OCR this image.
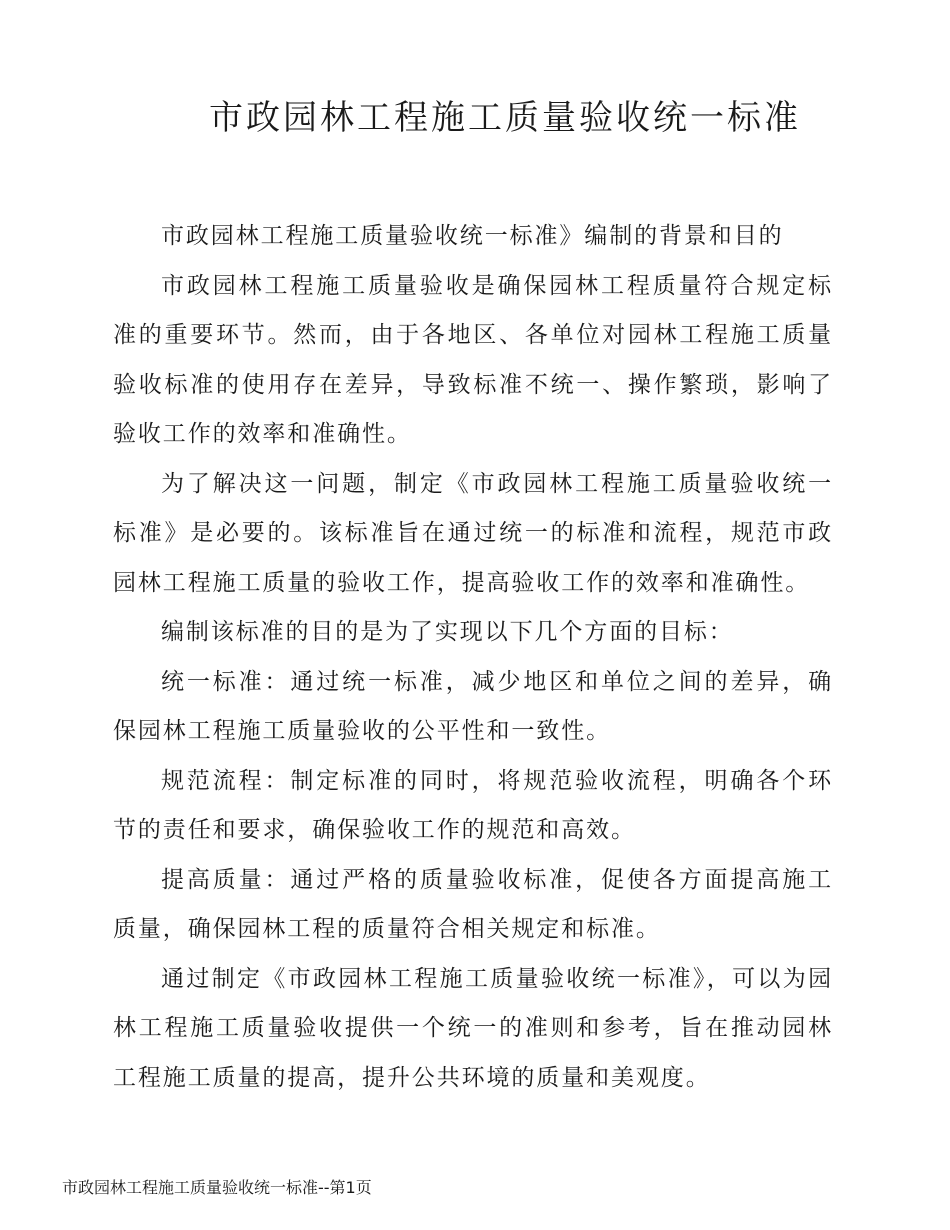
市政园林工程施工质量验收统一标准

市政园林工程施工质量验收统一标准》编制的背景和目的

市政园林工程施工质量验收是确保园林工程质量符合规定标准的重要环节。然而，由于各地区、各单位对园林工程施工质量验收标准的使用存在差异，导致标准不统一、操作繁琐，影响了验收工作的效率和准确性。

为了解决这一问题，制定《市政园林工程施工质量验收统一标准》是必要的。该标准旨在通过统一的标准和流程，规范市政园林工程施工质量的验收工作，提高验收工作的效率和准确性。

编制该标准的目的是为了实现以下几个方面的目标：

统一标准：通过统一标准，减少地区和单位之间的差异，确保园林工程施工质量验收的公平性和一致性。

规范流程：制定标准的同时，将规范验收流程，明确各个环节的责任和要求，确保验收工作的规范和高效。

提高质量：通过严格的质量验收标准，促使各方面提高施工质量，确保园林工程的质量符合相关规定和标准。

通过制定《市政园林工程施工质量验收统一标准》，可以为园林工程施工质量验收提供一个统一的准则和参考，旨在推动园林工程施工质量的提高，提升公共环境的质量和美观度。

市政园林工程施工质量验收统一标准--第1页
